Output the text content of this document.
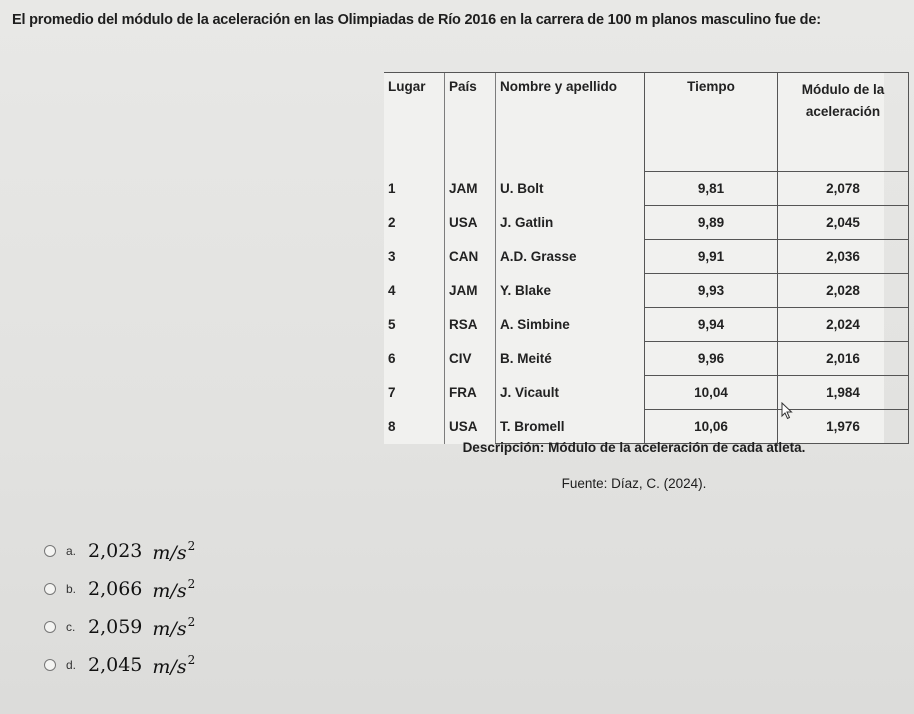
El promedio del módulo de la aceleración en las Olimpiadas de Río 2016 en la carrera de 100 m planos masculino fue de:
Lugar	País	Nombre y apellido	Tiempo	Módulo de la
aceleración
1	JAM	U. Bolt	9,81	2,078
2	USA	J. Gatlin	9,89	2,045
3	CAN	A.D. Grasse	9,91	2,036
4	JAM	Y. Blake	9,93	2,028
5	RSA	A. Simbine	9,94	2,024
6	CIV	B. Meité	9,96	2,016
7	FRA	J. Vicault	10,04	1,984
8	USA	T. Bromell	10,06	1,976
Descripción: Módulo de la aceleración de cada atleta.
Fuente: Díaz, C. (2024).
a. 2,023 $m/s^2$
b. 2,066 $m/s^2$
c. 2,059 $m/s^2$
d. 2,045 $m/s^2$
